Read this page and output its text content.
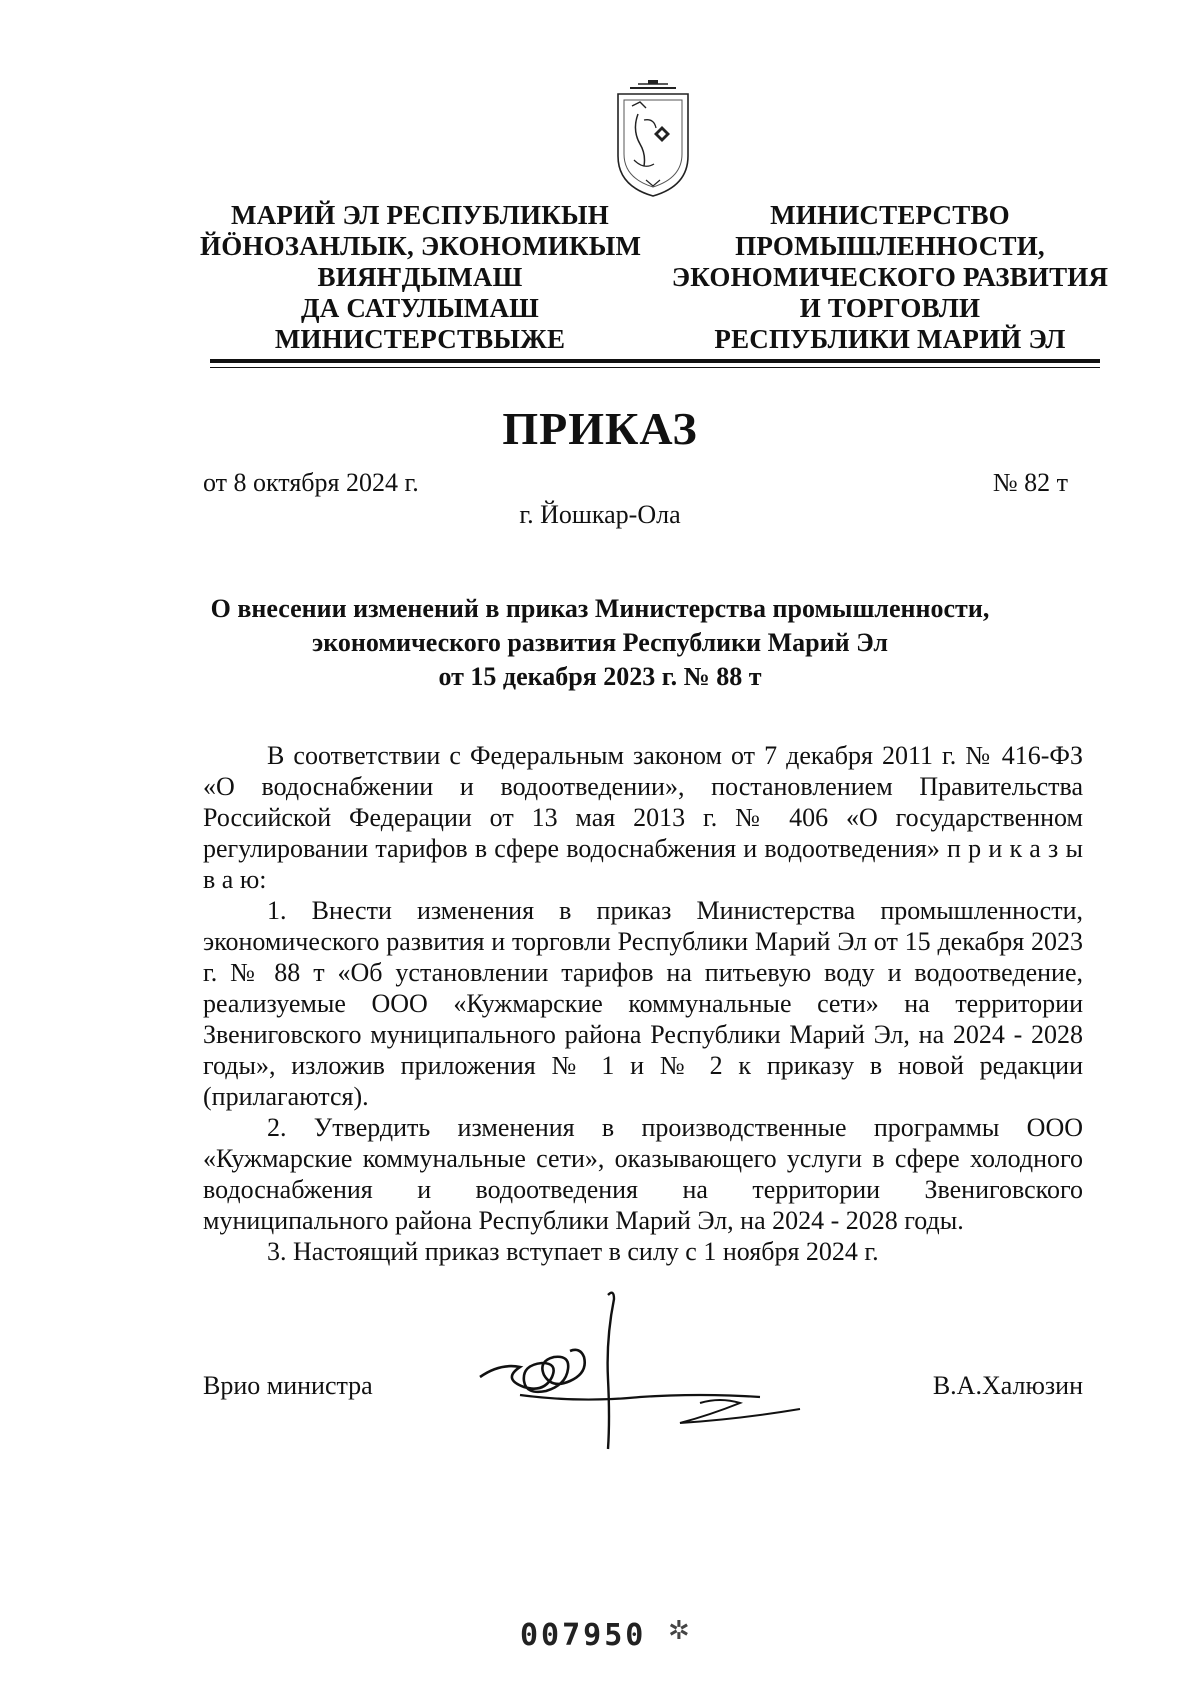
МАРИЙ ЭЛ РЕСПУБЛИКЫН
ЙӦНОЗАНЛЫК, ЭКОНОМИКЫМ
ВИЯҤДЫМАШ
ДА САТУЛЫМАШ
МИНИСТЕРСТВЫЖЕ
МИНИСТЕРСТВО
ПРОМЫШЛЕННОСТИ,
ЭКОНОМИЧЕСКОГО РАЗВИТИЯ
И ТОРГОВЛИ
РЕСПУБЛИКИ МАРИЙ ЭЛ
ПРИКАЗ
от 8 октября 2024 г.	№ 82 т
г. Йошкар-Ола
О внесении изменений в приказ Министерства промышленности,
экономического развития Республики Марий Эл
от 15 декабря 2023 г. № 88 т

В соответствии с Федеральным законом от 7 декабря 2011 г. № 416-ФЗ «О водоснабжении и водоотведении», постановлением Правительства Российской Федерации от 13 мая 2013 г. № 406 «О государственном регулировании тарифов в сфере водоснабжения и водоотведения» п р и к а з ы в а ю:

1. Внести изменения в приказ Министерства промышленности, экономического развития и торговли Республики Марий Эл от 15 декабря 2023 г. № 88 т «Об установлении тарифов на питьевую воду и водоотведение, реализуемые ООО «Кужмарские коммунальные сети» на территории Звениговского муниципального района Республики Марий Эл, на 2024 - 2028 годы», изложив приложения № 1 и № 2 к приказу в новой редакции (прилагаются).

2. Утвердить изменения в производственные программы ООО «Кужмарские коммунальные сети», оказывающего услуги в сфере холодного водоснабжения и водоотведения на территории Звениговского муниципального района Республики Марий Эл, на 2024 - 2028 годы.

3. Настоящий приказ вступает в силу с 1 ноября 2024 г.

Врио министра	В.А.Халюзин
007950 ✲
